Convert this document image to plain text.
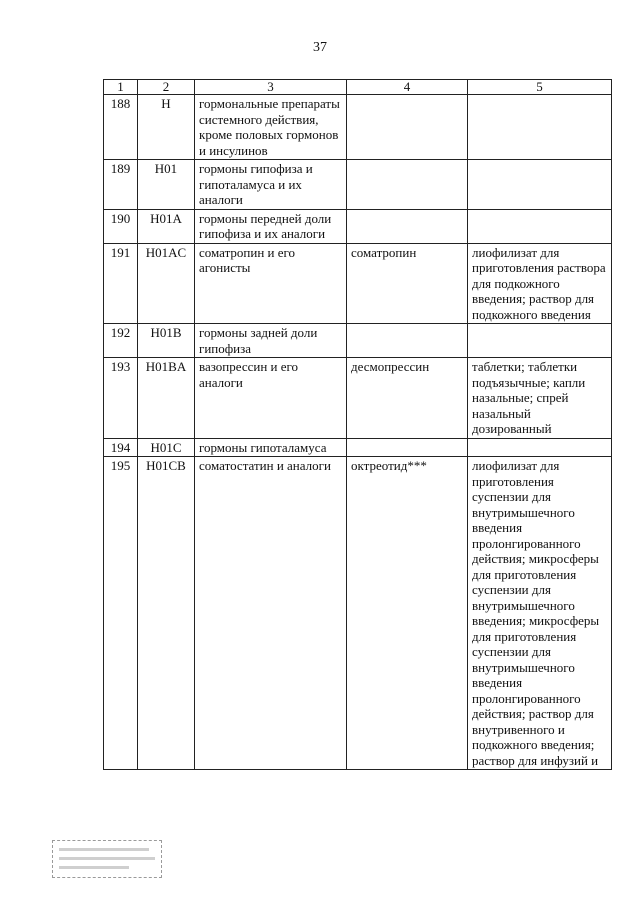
37
1	2	3	4	5
188	H	гормональные препараты системного действия, кроме половых гормонов и инсулинов		
189	H01	гормоны гипофиза и гипоталамуса и их аналоги		
190	H01A	гормоны передней доли гипофиза и их аналоги		
191	H01AC	соматропин и его агонисты	соматропин	лиофилизат для приготовления раствора для подкожного введения; раствор для подкожного введения
192	H01B	гормоны задней доли гипофиза		
193	H01BA	вазопрессин и его аналоги	десмопрессин	таблетки; таблетки подъязычные; капли назальные; спрей назальный дозированный
194	H01C	гормоны гипоталамуса		
195	H01CB	соматостатин и аналоги	октреотид***	лиофилизат для приготовления суспензии для внутримышечного введения пролонгированного действия; микросферы для приготовления суспензии для внутримышечного введения; микросферы для приготовления суспензии для внутримышечного введения пролонгированного действия; раствор для внутривенного и подкожного введения; раствор для инфузий и
